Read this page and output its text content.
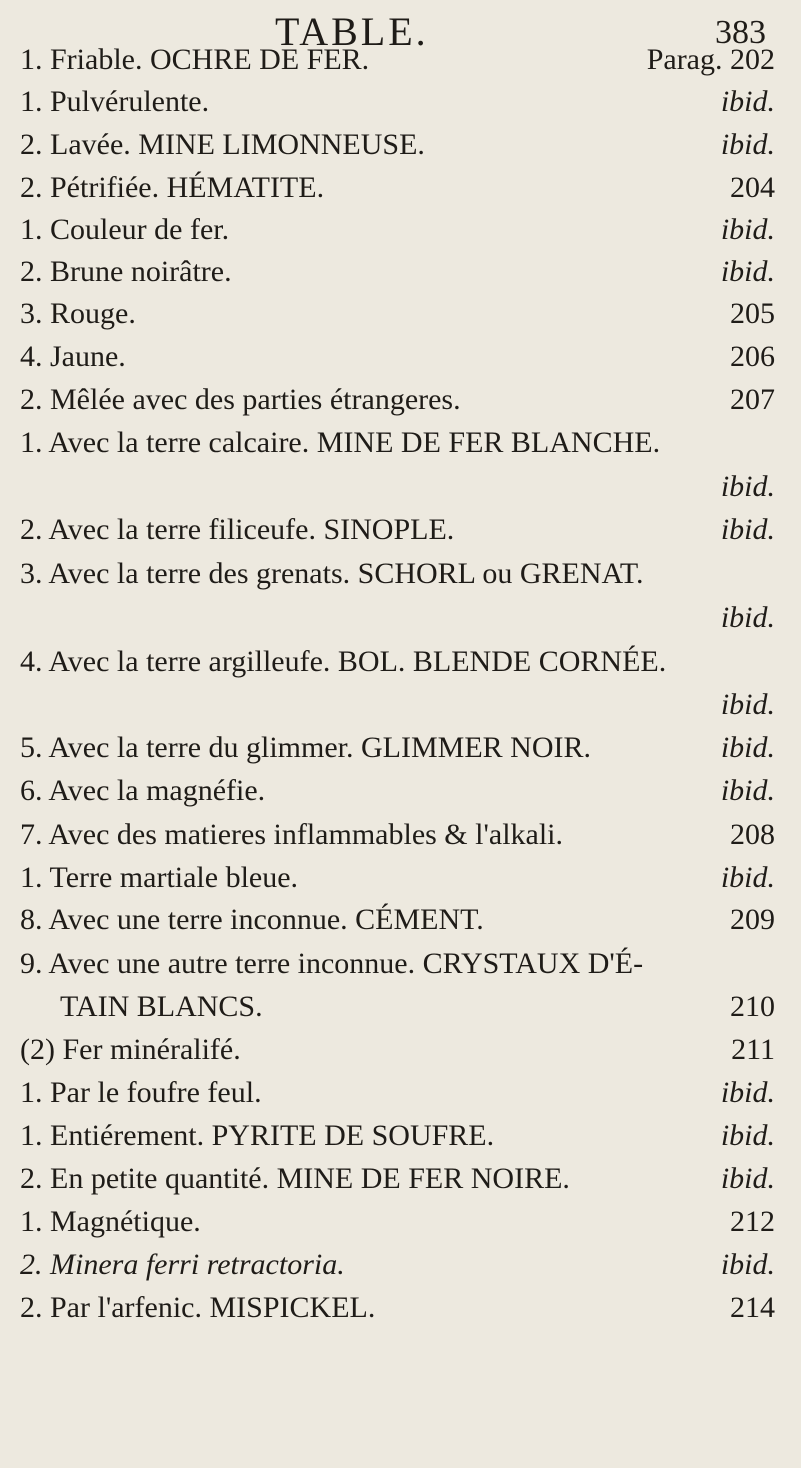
TABLE.	383
1. Friable. OCHRE DE FER.	Parag. 202
1. Pulvérulente.	ibid.
2. Lavée. MINE LIMONNEUSE.	ibid.
2. Pétrifiée. HÉMATITE.	204
1. Couleur de fer.	ibid.
2. Brune noirâtre.	ibid.
3. Rouge.	205
4. Jaune.	206
2. Mêlée avec des parties étrangeres.	207
1. Avec la terre calcaire. MINE DE FER BLANCHE.
ibid.
2. Avec la terre filiceufe. SINOPLE.	ibid.
3. Avec la terre des grenats. SCHORL ou GRENAT.
ibid.
4. Avec la terre argilleufe. BOL. BLENDE CORNÉE.
ibid.
5. Avec la terre du glimmer. GLIMMER NOIR.	ibid.
6. Avec la magnéfie.	ibid.
7. Avec des matieres inflammables & l'alkali.	208
1. Terre martiale bleue.	ibid.
8. Avec une terre inconnue. CÉMENT.	209
9. Avec une autre terre inconnue. CRYSTAUX D'É-
TAIN BLANCS.	210
(2) Fer minéralifé.	211
1. Par le foufre feul.	ibid.
1. Entiérement. PYRITE DE SOUFRE.	ibid.
2. En petite quantité. MINE DE FER NOIRE.	ibid.
1. Magnétique.	212
2. Minera ferri retractoria.	ibid.
2. Par l'arfenic. MISPICKEL.	214
